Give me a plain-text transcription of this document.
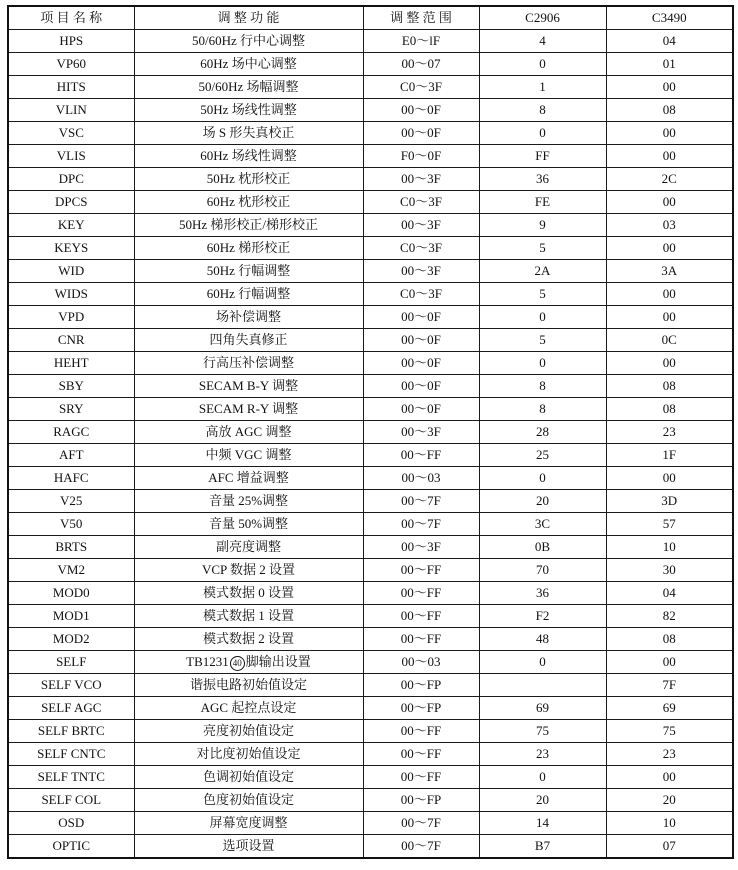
项 目 名 称	调 整 功 能	调 整 范 围	C2906	C3490
HPS	50/60Hz 行中心调整	E0～lF	4	04
VP60	60Hz 场中心调整	00～07	0	01
HITS	50/60Hz 场幅调整	C0～3F	1	00
VLIN	50Hz 场线性调整	00～0F	8	08
VSC	场 S 形失真校正	00～0F	0	00
VLIS	60Hz 场线性调整	F0～0F	FF	00
DPC	50Hz 枕形校正	00～3F	36	2C
DPCS	60Hz 枕形校正	C0～3F	FE	00
KEY	50Hz 梯形校正/梯形校正	00～3F	9	03
KEYS	60Hz 梯形校正	C0～3F	5	00
WID	50Hz 行幅调整	00～3F	2A	3A
WIDS	60Hz 行幅调整	C0～3F	5	00
VPD	场补偿调整	00～0F	0	00
CNR	四角失真修正	00～0F	5	0C
HEHT	行高压补偿调整	00～0F	0	00
SBY	SECAM B-Y 调整	00～0F	8	08
SRY	SECAM R-Y 调整	00～0F	8	08
RAGC	高放 AGC 调整	00～3F	28	23
AFT	中频 VGC 调整	00～FF	25	1F
HAFC	AFC 增益调整	00～03	0	00
V25	音量 25%调整	00～7F	20	3D
V50	音量 50%调整	00～7F	3C	57
BRTS	副亮度调整	00～3F	0B	10
VM2	VCP 数据 2 设置	00～FF	70	30
MOD0	模式数据 0 设置	00～FF	36	04
MOD1	模式数据 1 设置	00～FF	F2	82
MOD2	模式数据 2 设置	00～FF	48	08
SELF	TB1231 40 脚输出设置	00～03	0	00
SELF VCO	谐振电路初始值设定	00～FP		7F
SELF AGC	AGC 起控点设定	00～FP	69	69
SELF BRTC	亮度初始值设定	00～FF	75	75
SELF CNTC	对比度初始值设定	00～FF	23	23
SELF TNTC	色调初始值设定	00～FF	0	00
SELF COL	色度初始值设定	00～FP	20	20
OSD	屏幕宽度调整	00～7F	14	10
OPTIC	选项设置	00～7F	B7	07
